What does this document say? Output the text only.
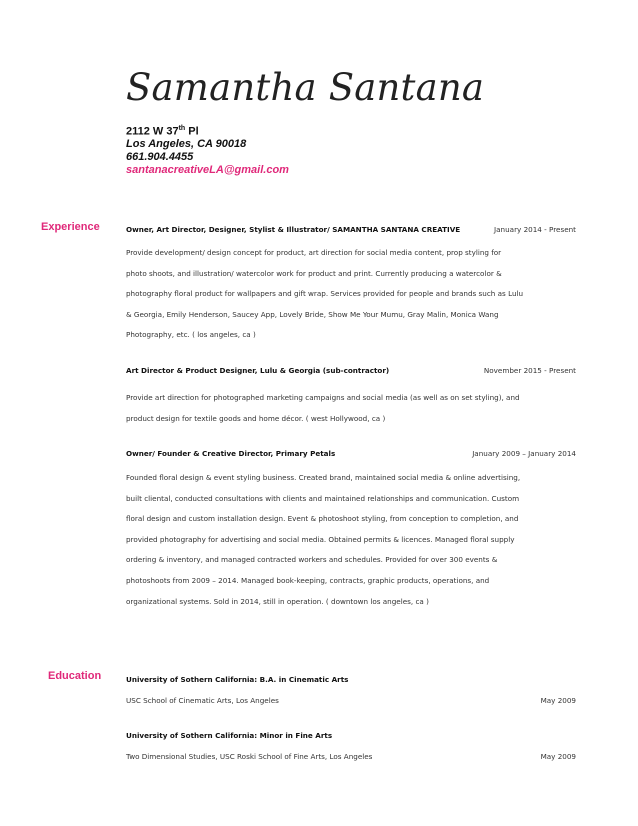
Samantha Santana
2112 W 37th Pl
Los Angeles, CA 90018
661.904.4455
santanacreativeLA@gmail.com
Experience	Owner, Art Director, Designer, Stylist & Illustrator/ SAMANTHA SANTANA CREATIVE	January 2014 - Present
Provide development/ design concept for product, art direction for social media content, prop styling for
photo shoots, and illustration/ watercolor work for product and print. Currently producing a watercolor &
photography floral product for wallpapers and gift wrap. Services provided for people and brands such as Lulu
& Georgia, Emily Henderson, Saucey App, Lovely Bride, Show Me Your Mumu, Gray Malin, Monica Wang
Photography, etc. ( los angeles, ca )
Art Director & Product Designer, Lulu & Georgia (sub-contractor)	November 2015 - Present
Provide art direction for photographed marketing campaigns and social media (as well as on set styling), and
product design for textile goods and home décor. ( west Hollywood, ca )
Owner/ Founder & Creative Director, Primary Petals	January 2009 – January 2014
Founded floral design & event styling business. Created brand, maintained social media & online advertising,
built cliental, conducted consultations with clients and maintained relationships and communication. Custom
floral design and custom installation design. Event & photoshoot styling, from conception to completion, and
provided photography for advertising and social media. Obtained permits & licences. Managed floral supply
ordering & inventory, and managed contracted workers and schedules. Provided for over 300 events &
photoshoots from 2009 – 2014. Managed book-keeping, contracts, graphic products, operations, and
organizational systems. Sold in 2014, still in operation. ( downtown los angeles, ca )
Education	University of Sothern California: B.A. in Cinematic Arts
USC School of Cinematic Arts, Los Angeles	May 2009
University of Sothern California: Minor in Fine Arts
Two Dimensional Studies, USC Roski School of Fine Arts, Los Angeles	May 2009
